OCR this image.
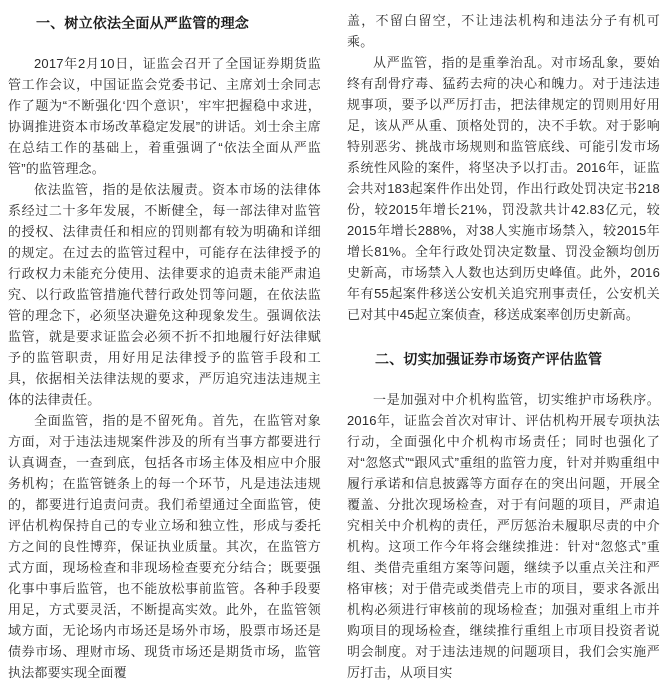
一、树立依法全面从严监管的理念

2017年2月10日，证监会召开了全国证券期货监管工作会议，中国证监会党委书记、主席刘士余同志作了题为“不断强化‘四个意识’，牢牢把握稳中求进，协调推进资本市场改革稳定发展”的讲话。刘士余主席在总结工作的基础上，着重强调了“依法全面从严监管”的监管理念。

依法监管，指的是依法履责。资本市场的法律体系经过二十多年发展，不断健全，每一部法律对监管的授权、法律责任和相应的罚则都有较为明确和详细的规定。在过去的监管过程中，可能存在法律授予的行政权力未能充分使用、法律要求的追责未能严肃追究、以行政监管措施代替行政处罚等问题，在依法监管的理念下，必须坚决避免这种现象发生。强调依法监管，就是要求证监会必须不折不扣地履行好法律赋予的监管职责，用好用足法律授予的监管手段和工具，依据相关法律法规的要求，严厉追究违法违规主体的法律责任。

全面监管，指的是不留死角。首先，在监管对象方面，对于违法违规案件涉及的所有当事方都要进行认真调查，一查到底，包括各市场主体及相应中介服务机构；在监管链条上的每一个环节，凡是违法违规的，都要进行追责问责。我们希望通过全面监管，使评估机构保持自己的专业立场和独立性，形成与委托方之间的良性博弈，保证执业质量。其次，在监管方式方面，现场检查和非现场检查要充分结合；既要强化事中事后监管，也不能放松事前监管。各种手段要用足，方式要灵活，不断提高实效。此外，在监管领域方面，无论场内市场还是场外市场，股票市场还是债券市场、理财市场、现货市场还是期货市场，监管执法都要实现全面覆

盖，不留白留空，不让违法机构和违法分子有机可乘。

从严监管，指的是重拳治乱。对市场乱象，要始终有刮骨疗毒、猛药去疴的决心和魄力。对于违法违规事项，要予以严厉打击，把法律规定的罚则用好用足，该从严从重、顶格处罚的，决不手软。对于影响特别恶劣、挑战市场规则和监管底线、可能引发市场系统性风险的案件，将坚决予以打击。2016年，证监会共对183起案件作出处罚，作出行政处罚决定书218份，较2015年增长21%，罚没款共计42.83亿元，较2015年增长288%，对38人实施市场禁入，较2015年增长81%。全年行政处罚决定数量、罚没金额均创历史新高，市场禁入人数也达到历史峰值。此外，2016年有55起案件移送公安机关追究刑事责任，公安机关已对其中45起立案侦查，移送成案率创历史新高。

二、切实加强证券市场资产评估监管

一是加强对中介机构监管，切实维护市场秩序。2016年，证监会首次对审计、评估机构开展专项执法行动，全面强化中介机构市场责任；同时也强化了对“忽悠式”“跟风式”重组的监管力度，针对并购重组中履行承诺和信息披露等方面存在的突出问题，开展全覆盖、分批次现场检查，对于有问题的项目，严肃追究相关中介机构的责任，严厉惩治未履职尽责的中介机构。这项工作今年将会继续推进：针对“忽悠式”重组、类借壳重组方案等问题，继续予以重点关注和严格审核；对于借壳或类借壳上市的项目，要求各派出机构必须进行审核前的现场检查；加强对重组上市并购项目的现场检查，继续推行重组上市项目投资者说明会制度。对于违法违规的问题项目，我们会实施严厉打击，从项目实
